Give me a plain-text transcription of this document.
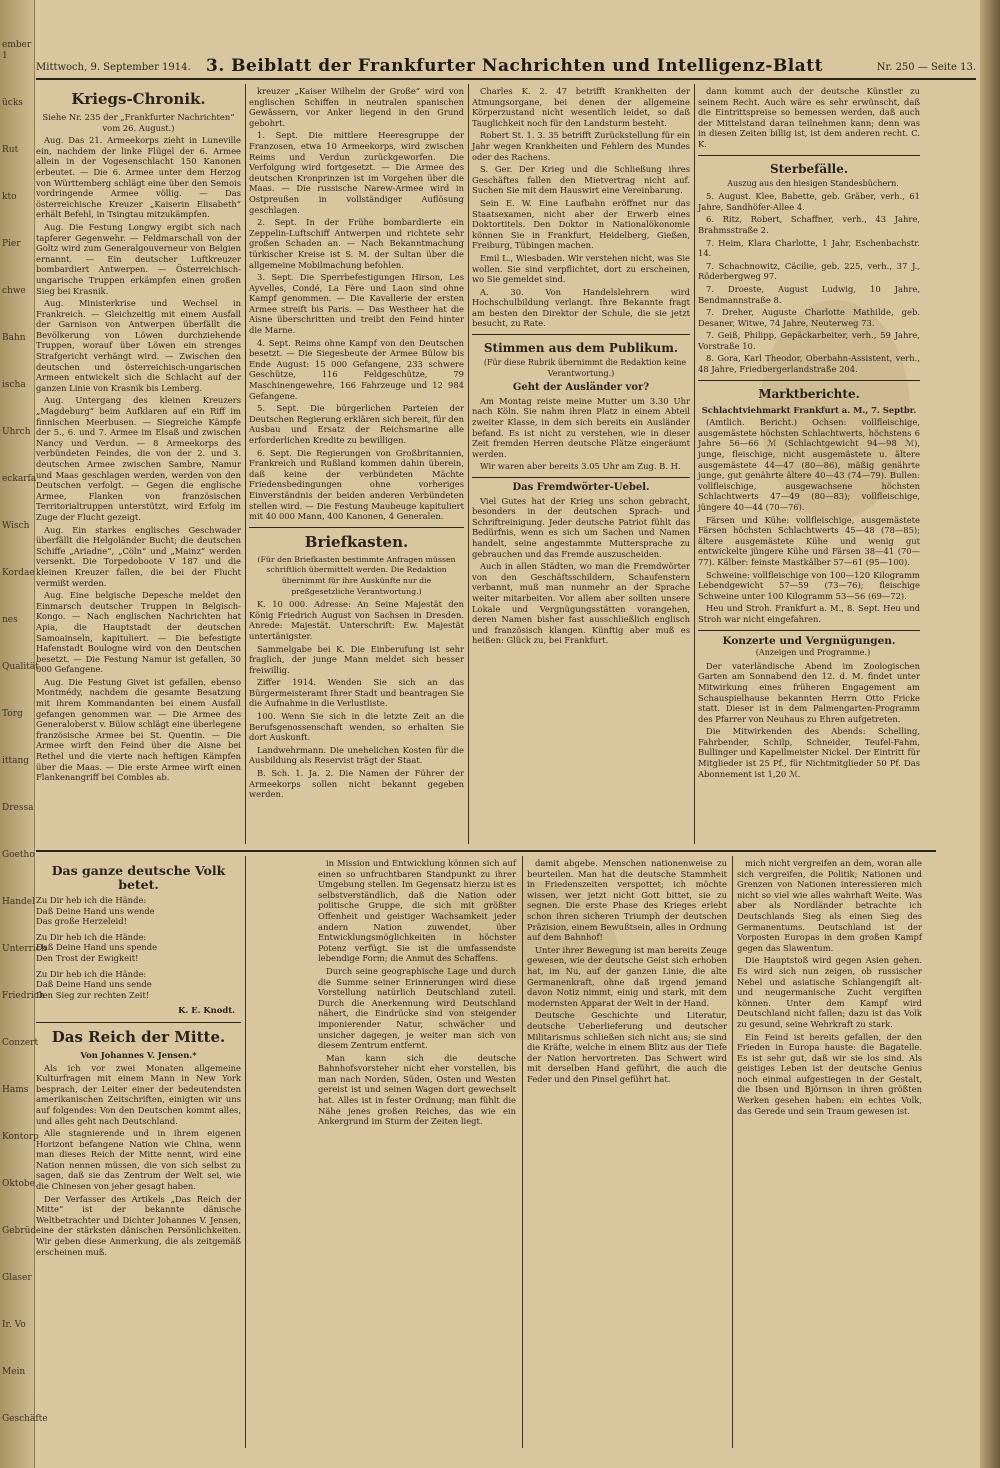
ember 1
ücks
Rut
kto
Pier
chwe
Bahn
ischa
Uhrch
eckarfa
Wisch
Kordae
nes
Qualität
Torg
ittang
Dressa
Goetho
Handel
Unterrich
Friedrich
Conzert
Hams
Kontorp
Oktobe
Gebrüd
Glaser
Ir. Vo
Mein
Geschäfte
Mittwoch, 9. September 1914. 3. Beiblatt der Frankfurter Nachrichten und Intelligenz-Blatt	Nr. 250 — Seite 13.
Kriegs-Chronik.

Siehe Nr. 235 der „Frankfurter Nachrichten“ vom 26. August.)

Aug. Das 21. Armeekorps zieht in Luneville ein, nachdem der linke Flügel der 6. Armee allein in der Vogesenschlacht 150 Kanonen erbeutet. — Die 6. Armee unter dem Herzog von Württemberg schlägt eine über den Semois vordringende Armee völlig. — Das österreichische Kreuzer „Kaiserin Elisabeth“ erhält Befehl, in Tsingtau mitzukämpfen.

Aug. Die Festung Longwy ergibt sich nach tapferer Gegenwehr. — Feldmarschall von der Goltz wird zum Generalgouverneur von Belgien ernannt. — Ein deutscher Luftkreuzer bombardiert Antwerpen. — Österreichisch-ungarische Truppen erkämpfen einen großen Sieg bei Krasnik.

Aug. Ministerkrise und Wechsel in Frankreich. — Gleichzeitig mit einem Ausfall der Garnison von Antwerpen überfällt die Bevölkerung von Löwen durchziehende Truppen, worauf über Löwen ein strenges Strafgericht verhängt wird. — Zwischen den deutschen und österreichisch-ungarischen Armeen entwickelt sich die Schlacht auf der ganzen Linie von Krasnik bis Lemberg.

Aug. Untergang des kleinen Kreuzers „Magdeburg“ beim Aufklaren auf ein Riff im finnischen Meerbusen. — Siegreiche Kämpfe der 5., 6. und 7. Armee im Elsaß und zwischen Nancy und Verdun. — 8 Armeekorps des verbündeten Feindes, die von der 2. und 3. deutschen Armee zwischen Sambre, Namur und Maas geschlagen werden, werden von den Deutschen verfolgt. — Gegen die englische Armee, Flanken von französischen Territorialtruppen unterstützt, wird Erfolg im Zuge der Flucht gezeigt.

Aug. Ein starkes englisches Geschwader überfällt die Helgoländer Bucht; die deutschen Schiffe „Ariadne“, „Cöln“ und „Mainz“ werden versenkt. Die Torpedoboote V 187 und die kleinen Kreuzer fallen, die bei der Flucht vermißt werden.

Aug. Eine belgische Depesche meldet den Einmarsch deutscher Truppen in Belgisch-Kongo. — Nach englischen Nachrichten hat Apia, die Hauptstadt der deutschen Samoainseln, kapituliert. — Die befestigte Hafenstadt Boulogne wird von den Deutschen besetzt. — Die Festung Namur ist gefallen, 30 000 Gefangene.

Aug. Die Festung Givet ist gefallen, ebenso Montmédy, nachdem die gesamte Besatzung mit ihrem Kommandanten bei einem Ausfall gefangen genommen war. — Die Armee des Generaloberst v. Bülow schlägt eine überlegene französische Armee bei St. Quentin. — Die Armee wirft den Feind über die Aisne bei Rethel und die vierte nach heftigen Kämpfen über die Maas. — Die erste Armee wirft einen Flankenangriff bei Combles ab.

kreuzer „Kaiser Wilhelm der Große“ wird von englischen Schiffen in neutralen spanischen Gewässern, vor Anker liegend in den Grund gebohrt.

1. Sept. Die mittlere Heeresgruppe der Franzosen, etwa 10 Armeekorps, wird zwischen Reims und Verdun zurückgeworfen. Die Verfolgung wird fortgesetzt. — Die Armee des deutschen Kronprinzen ist im Vorgehen über die Maas. — Die russische Narew-Armee wird in Ostpreußen in vollständiger Auflösung geschlagen.

2. Sept. In der Frühe bombardierte ein Zeppelin-Luftschiff Antwerpen und richtete sehr großen Schaden an. — Nach Bekanntmachung türkischer Kreise ist S. M. der Sultan über die allgemeine Mobilmachung befohlen.

3. Sept. Die Sperrbefestigungen Hirson, Les Ayvelles, Condé, La Fère und Laon sind ohne Kampf genommen. — Die Kavallerie der ersten Armee streift bis Paris. — Das Westheer hat die Aisne überschritten und treibt den Feind hinter die Marne.

4. Sept. Reims ohne Kampf von den Deutschen besetzt. — Die Siegesbeute der Armee Bülow bis Ende August: 15 000 Gefangene, 233 schwere Geschütze, 116 Feldgeschütze, 79 Maschinengewehre, 166 Fahrzeuge und 12 984 Gefangene.

5. Sept. Die bürgerlichen Parteien der Deutschen Regierung erklären sich bereit, für den Ausbau und Ersatz der Reichsmarine alle erforderlichen Kredite zu bewilligen.

6. Sept. Die Regierungen von Großbritannien, Frankreich und Rußland kommen dahin überein, daß keine der verbündeten Mächte Friedensbedingungen ohne vorheriges Einverständnis der beiden anderen Verbündeten stellen wird. — Die Festung Maubeuge kapituliert mit 40 000 Mann, 400 Kanonen, 4 Generalen.

Briefkasten.

(Für den Briefkasten bestimmte Anfragen müssen schriftlich übermittelt werden. Die Redaktion übernimmt für ihre Auskünfte nur die preßgesetzliche Verantwortung.)

K. 10 000. Adresse: An Seine Majestät den König Friedrich August von Sachsen in Dresden. Anrede: Majestät. Unterschrift: Ew. Majestät untertänigster.

Sammelgabe bei K. Die Einberufung ist sehr fraglich, der junge Mann meldet sich besser freiwillig.

Ziffer 1914. Wenden Sie sich an das Bürgermeisteramt Ihrer Stadt und beantragen Sie die Aufnahme in die Verlustliste.

100. Wenn Sie sich in die letzte Zeit an die Berufsgenossenschaft wenden, so erhalten Sie dort Auskunft.

Landwehrmann. Die unehelichen Kosten für die Ausbildung als Reservist trägt der Staat.

B. Sch. 1. Ja. 2. Die Namen der Führer der Armeekorps sollen nicht bekannt gegeben werden.

Charles K. 2. 47 betrifft Krankheiten der Atmungsorgane, bei denen der allgemeine Körperzustand nicht wesentlich leidet, so daß Tauglichkeit noch für den Landsturm besteht.

Robert St. 1. 3. 35 betrifft Zurückstellung für ein Jahr wegen Krankheiten und Fehlern des Mundes oder des Rachens.

S. Ger. Der Krieg und die Schließung ihres Geschäftes fallen den Mietvertrag nicht auf. Suchen Sie mit dem Hauswirt eine Vereinbarung.

Sein E. W. Eine Laufbahn eröffnet nur das Staatsexamen, nicht aber der Erwerb eines Doktortitels. Den Doktor in Nationalökonomie können Sie in Frankfurt, Heidelberg, Gießen, Freiburg, Tübingen machen.

Emil L., Wiesbaden. Wir verstehen nicht, was Sie wollen. Sie sind verpflichtet, dort zu erscheinen, wo Sie gemeldet sind.

A. 30. Von Handelslehrern wird Hochschulbildung verlangt. Ihre Bekannte fragt am besten den Direktor der Schule, die sie jetzt besucht, zu Rate.

Stimmen aus dem Publikum.

(Für diese Rubrik übernimmt die Redaktion keine Verantwortung.)

Geht der Ausländer vor?

Am Montag reiste meine Mutter um 3.30 Uhr nach Köln. Sie nahm ihren Platz in einem Abteil zweiter Klasse, in dem sich bereits ein Ausländer befand. Es ist nicht zu verstehen, wie in dieser Zeit fremden Herren deutsche Plätze eingeräumt werden.

Wir waren aber bereits 3.05 Uhr am Zug. B. H.

Das Fremdwörter-Uebel.

Viel Gutes hat der Krieg uns schon gebracht, besonders in der deutschen Sprach- und Schriftreinigung. Jeder deutsche Patriot fühlt das Bedürfnis, wenn es sich um Sachen und Namen handelt, seine angestammte Muttersprache zu gebrauchen und das Fremde auszuscheiden.

Auch in allen Städten, wo man die Fremdwörter von den Geschäftsschildern, Schaufenstern verbannt, muß man nunmehr an der Sprache weiter mitarbeiten. Vor allem aber sollten unsere Lokale und Vergnügungsstätten vorangehen, deren Namen bisher fast ausschließlich englisch und französisch klangen. Künftig aber muß es heißen: Glück zu, bei Frankfurt.

dann kommt auch der deutsche Künstler zu seinem Recht. Auch wäre es sehr erwünscht, daß die Eintrittspreise so bemessen werden, daß auch der Mittelstand daran teilnehmen kann; denn was in diesen Zeiten billig ist, ist dem anderen recht. C. K.

Sterbefälle.

Auszug aus den hiesigen Standesbüchern.

5. August. Klee, Babette, geb. Gräber, verh., 61 Jahre, Sandhöfer-Allee 4.

6. Ritz, Robert, Schaffner, verh., 43 Jahre, Brahmsstraße 2.

7. Heim, Klara Charlotte, 1 Jahr, Eschenbachstr. 14.

7. Schachnowitz, Cäcilie, geb. 225, verh., 37 J., Röderbergweg 97.

7. Droeste, August Ludwig, 10 Jahre, Bendmannstraße 8.

7. Dreher, Auguste Charlotte Mathilde, geb. Desaner, Witwe, 74 Jahre, Neuterweg 73.

7. Geiß, Philipp, Gepäckarbeiter, verh., 59 Jahre, Vorstraße 10.

8. Gora, Karl Theodor, Oberbahn-Assistent, verh., 48 Jahre, Friedbergerlandstraße 204.

Marktberichte.
Schlachtviehmarkt Frankfurt a. M., 7. Septbr.

(Amtlich. Bericht.) Ochsen: vollfleischige, ausgemästete höchsten Schlachtwerts, höchstens 6 Jahre 56—66 ℳ (Schlachtgewicht 94—98 ℳ), junge, fleischige, nicht ausgemästete u. ältere ausgemästete 44—47 (80—86), mäßig genährte junge, gut genährte ältere 40—43 (74—79). Bullen: vollfleischige, ausgewachsene höchsten Schlachtwerts 47—49 (80—83); vollfleischige, jüngere 40—44 (70—76).

Färsen und Kühe: vollfleischige, ausgemästete Färsen höchsten Schlachtwerts 45—48 (78—85); ältere ausgemästete Kühe und wenig gut entwickelte jüngere Kühe und Färsen 38—41 (70—77). Kälber: feinste Mastkälber 57—61 (95—100).

Schweine: vollfleischige von 100—120 Kilogramm Lebendgewicht 57—59 (73—76); fleischige Schweine unter 100 Kilogramm 53—56 (69—72).

Heu und Stroh. Frankfurt a. M., 8. Sept. Heu und Stroh war nicht eingefahren.

Konzerte und Vergnügungen.

(Anzeigen und Programme.)

Der vaterländische Abend im Zoologischen Garten am Sonnabend den 12. d. M. findet unter Mitwirkung eines früheren Engagement am Schauspielhause bekannten Herrn Otto Fricke statt. Dieser ist in dem Palmengarten-Programm des Pfarrer von Neuhaus zu Ehren aufgetreten.

Die Mitwirkenden des Abends: Schelling, Fahrbender, Schilp, Schneider, Teufel-Fahm, Bullinger und Kapellmeister Nickel. Der Eintritt für Mitglieder ist 25 Pf., für Nichtmitglieder 50 Pf. Das Abonnement ist 1,20 ℳ.

Das ganze deutsche Volk betet.

Zu Dir heb ich die Hände:

Daß Deine Hand uns wende

Das große Herzeleid!

Zu Dir heb ich die Hände:

Daß Deine Hand uns spende

Den Trost der Ewigkeit!

Zu Dir heb ich die Hände:

Daß Deine Hand uns sende

Den Sieg zur rechten Zeit!

K. E. Knodt.
Das Reich der Mitte.

Von Johannes V. Jensen.*

Als ich vor zwei Monaten allgemeine Kulturfragen mit einem Mann in New York besprach, der Leiter einer der bedeutendsten amerikanischen Zeitschriften, einigten wir uns auf folgendes: Von den Deutschen kommt alles, und alles geht nach Deutschland.

Alle stagnierende und in ihrem eigenen Horizont befangene Nation wie China, wenn man dieses Reich der Mitte nennt, wird eine Nation nennen müssen, die von sich selbst zu sagen, daß sie das Zentrum der Welt sei, wie die Chinesen von jeher gesagt haben.

Der Verfasser des Artikels „Das Reich der Mitte“ ist der bekannte dänische Weltbetrachter und Dichter Johannes V. Jensen, eine der stärksten dänischen Persönlichkeiten. Wir geben diese Anmerkung, die als zeitgemäß erscheinen muß.

in Mission und Entwicklung können sich auf einen so unfruchtbaren Standpunkt zu ihrer Umgebung stellen. Im Gegensatz hierzu ist es selbstverständlich, daß die Nation oder politische Gruppe, die sich mit größter Offenheit und geistiger Wachsamkeit jeder andern Nation zuwendet, über Entwicklungsmöglichkeiten in höchster Potenz verfügt. Sie ist die umfassendste lebendige Form; die Anmut des Schaffens.

Durch seine geographische Lage und durch die Summe seiner Erinnerungen wird diese Vorstellung natürlich Deutschland zuteil. Durch die Anerkennung wird Deutschland nähert, die Eindrücke sind von steigender imponierender Natur, schwächer und unsicher dagegen, je weiter man sich von diesem Zentrum entfernt.

Man kann sich die deutsche Bahnhofsvorsteher nicht eher vorstellen, bis man nach Norden, Süden, Osten und Westen gereist ist und seinen Wagen dort gewechselt hat. Alles ist in fester Ordnung; man fühlt die Nähe jenes großen Reiches, das wie ein Ankergrund im Sturm der Zeiten liegt.

damit abgebe. Menschen nationenweise zu beurteilen. Man hat die deutsche Stammheit in Friedenszeiten verspottet; ich möchte wissen, wer jetzt nicht Gott bittet, sie zu segnen. Die erste Phase des Krieges erlebt schon ihren sicheren Triumph der deutschen Präzision, einem Bewußtsein, alles in Ordnung auf dem Bahnhof!

Unter ihrer Bewegung ist man bereits Zeuge gewesen, wie der deutsche Geist sich erhoben hat, im Nu, auf der ganzen Linie, die alte Germanenkraft, ohne daß irgend jemand davon Notiz nimmt, einig und stark, mit dem modernsten Apparat der Welt in der Hand.

Deutsche Geschichte und Literatur, deutsche Ueberlieferung und deutscher Militarismus schließen sich nicht aus; sie sind die Kräfte, welche in einem Blitz aus der Tiefe der Nation hervortreten. Das Schwert wird mit derselben Hand geführt, die auch die Feder und den Pinsel geführt hat.

mich nicht vergreifen an dem, woran alle sich vergreifen, die Politik; Nationen und Grenzen von Nationen interessieren mich nicht so viel wie alles wahrhaft Weite. Was aber als Nordländer betrachte ich Deutschlands Sieg als einen Sieg des Germanentums. Deutschland ist der Vorposten Europas in dem großen Kampf gegen das Slawentum.

Die Hauptstoß wird gegen Asien gehen. Es wird sich nun zeigen, ob russischer Nebel und asiatische Schlangengift alt- und neugermanische Zucht vergiften können. Unter dem Kampf wird Deutschland nicht fallen; dazu ist das Volk zu gesund, seine Wehrkraft zu stark.

Ein Feind ist bereits gefallen, der den Frieden in Europa hauste: die Bagatelle. Es ist sehr gut, daß wir sie los sind. Als geistiges Leben ist der deutsche Genius noch einmal aufgestiegen in der Gestalt, die Ibsen und Björnson in ihren größten Werken gesehen haben: ein echtes Volk, das Gerede und sein Traum gewesen ist.
